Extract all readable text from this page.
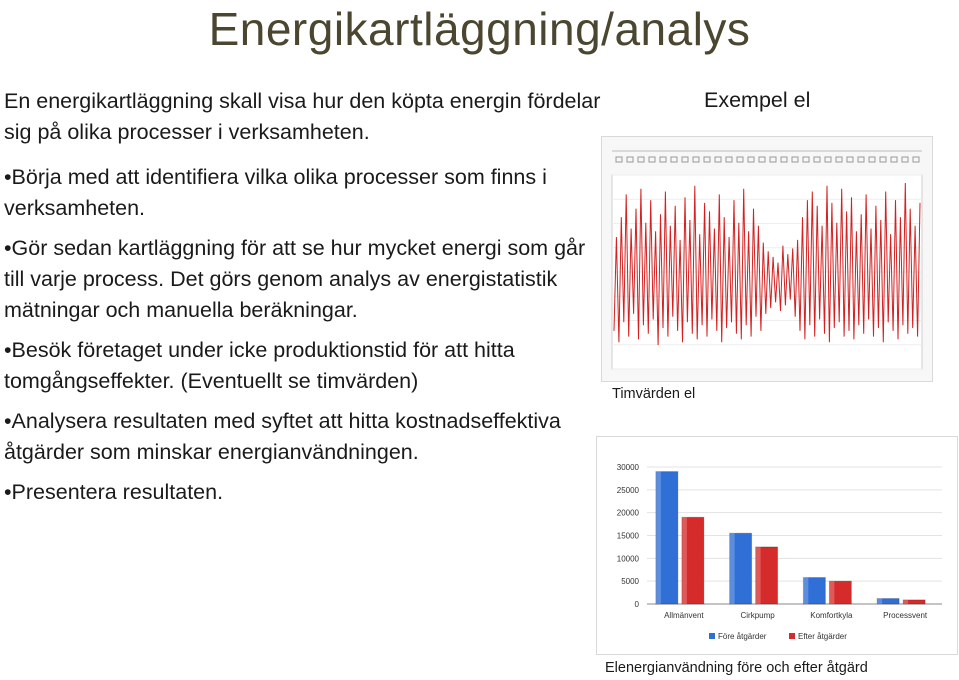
Energikartläggning/analys

En energikartläggning skall visa hur den köpta energin fördelar sig på olika processer i verksamheten.

•Börja med att identifiera vilka olika processer som finns i verksamheten.

•Gör sedan kartläggning för att se hur mycket energi som går till varje process. Det görs genom analys av energistatistik mätningar och manuella beräkningar.

•Besök företaget under icke produktionstid för att hitta tomgångseffekter. (Eventuellt se timvärden)

•Analysera resultaten med syftet att hitta kostnadseffektiva åtgärder som minskar energianvändningen.

•Presentera resultaten.

Exempel el
Timvärden el
0
5000
10000
15000
20000
25000
30000
Allmänvent	Cirkpump	Komfortkyla	Processvent
Före åtgärder	Efter åtgärder
Elenergianvändning före och efter åtgärd
